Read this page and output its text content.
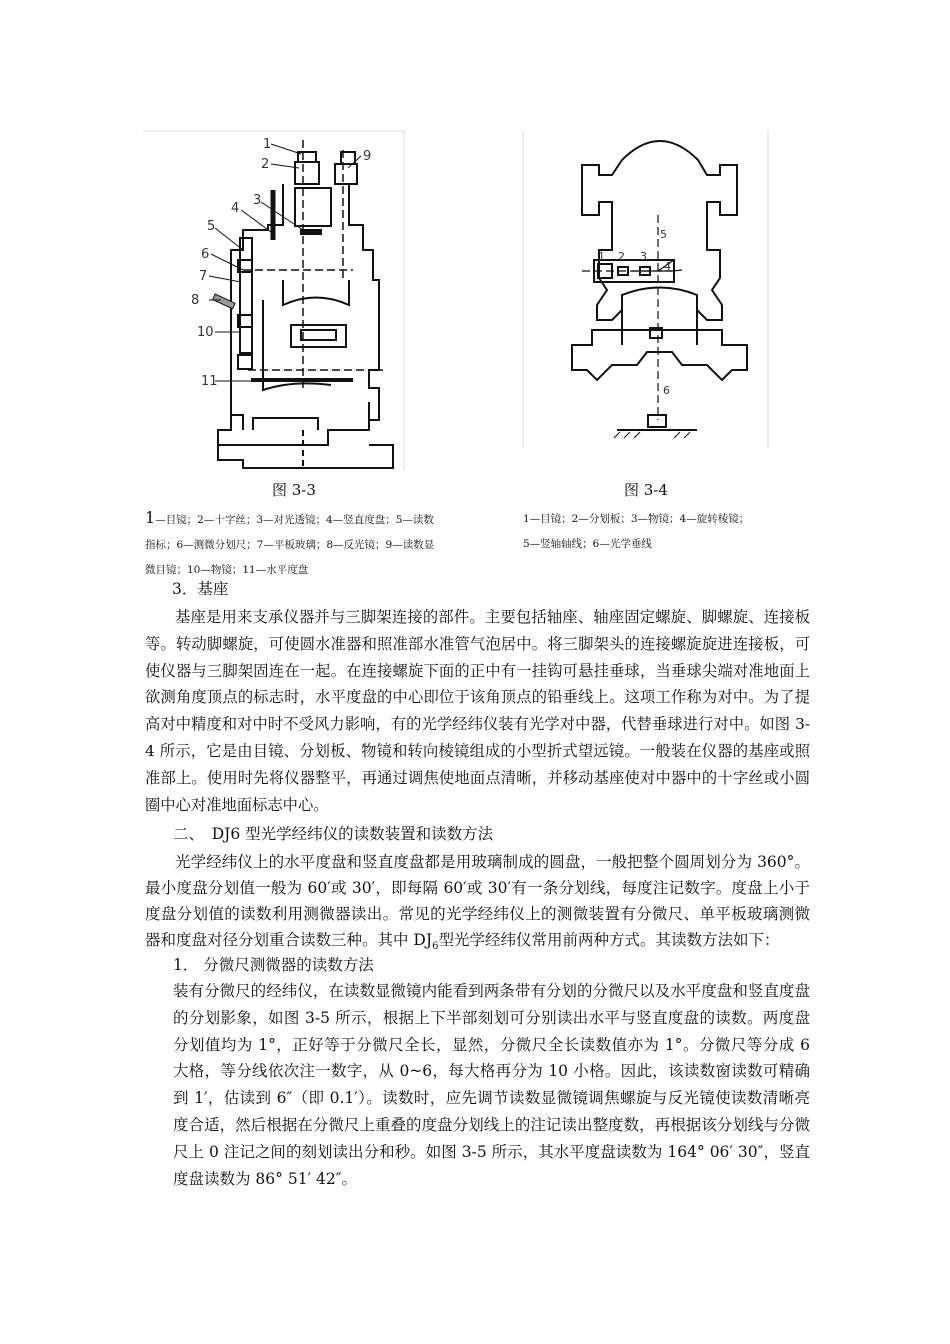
1
2
3
4
5
6
7
8
9
10
11
1 2 3
4
5
6
图 3-3	图 3-4
1—目镜；2—十字丝；3—对光透镜；4—竖直度盘；5—读数
指标；6—测微分划尺；7—平板玻璃；8—反光镜；9—读数显
微目镜；10—物镜；11—水平度盘
1—目镜；2—分划板；3—物镜；4—旋转棱镜；
5—竖轴轴线；6—光学垂线

3．基座

基座是用来支承仪器并与三脚架连接的部件。主要包括轴座、轴座固定螺旋、脚螺旋、连接板等。转动脚螺旋，可使圆水准器和照准部水准管气泡居中。将三脚架头的连接螺旋旋进连接板，可使仪器与三脚架固连在一起。在连接螺旋下面的正中有一挂钩可悬挂垂球，当垂球尖端对准地面上欲测角度顶点的标志时，水平度盘的中心即位于该角顶点的铅垂线上。这项工作称为对中。为了提高对中精度和对中时不受风力影响，有的光学经纬仪装有光学对中器，代替垂球进行对中。如图 3-4 所示，它是由目镜、分划板、物镜和转向棱镜组成的小型折式望远镜。一般装在仪器的基座或照准部上。使用时先将仪器整平，再通过调焦使地面点清晰，并移动基座使对中器中的十字丝或小圆圈中心对准地面标志中心。

二、　DJ6 型光学经纬仪的读数装置和读数方法

光学经纬仪上的水平度盘和竖直度盘都是用玻璃制成的圆盘，一般把整个圆周划分为 360°。最小度盘分划值一般为 60′或 30′，即每隔 60′或 30′有一条分划线，每度注记数字。度盘上小于度盘分划值的读数利用测微器读出。常见的光学经纬仪上的测微装置有分微尺、单平板玻璃测微器和度盘对径分划重合读数三种。其中 $DJ_6$型光学经纬仪常用前两种方式。其读数方法如下：

1． 分微尺测微器的读数方法

装有分微尺的经纬仪，在读数显微镜内能看到两条带有分划的分微尺以及水平度盘和竖直度盘的分划影象，如图 3-5 所示，根据上下半部刻划可分别读出水平与竖直度盘的读数。两度盘分划值均为 1°，正好等于分微尺全长，显然，分微尺全长读数值亦为 1°。分微尺等分成 6 大格，等分线依次注一数字，从 0~6，每大格再分为 10 小格。因此，该读数窗读数可精确到 1′，估读到 6″（即 0.1′）。读数时，应先调节读数显微镜调焦螺旋与反光镜使读数清晰亮度合适，然后根据在分微尺上重叠的度盘分划线上的注记读出整度数，再根据该分划线与分微尺上 0 注记之间的刻划读出分和秒。如图 3-5 所示，其水平度盘读数为 164° 06′ 30″，竖直度盘读数为 86° 51′ 42″。
